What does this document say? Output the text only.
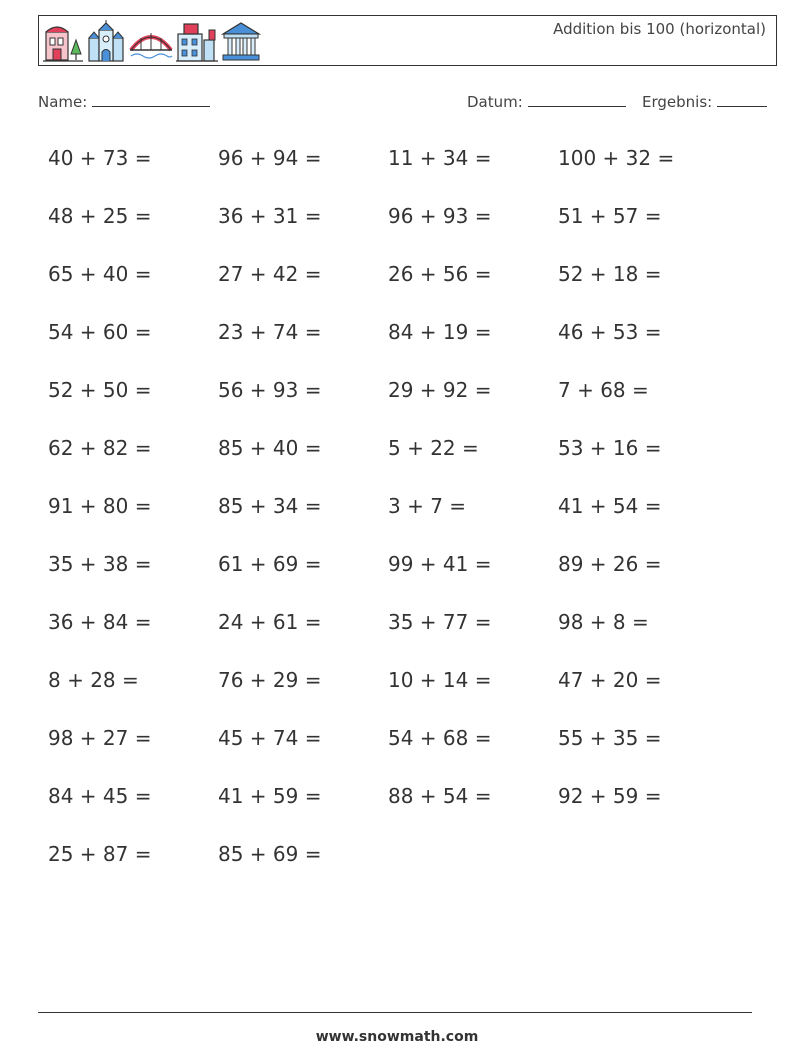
Addition bis 100 (horizontal)
Name:	Datum:	Ergebnis:
40 + 73 =	96 + 94 =	11 + 34 =	100 + 32 =
48 + 25 =	36 + 31 =	96 + 93 =	51 + 57 =
65 + 40 =	27 + 42 =	26 + 56 =	52 + 18 =
54 + 60 =	23 + 74 =	84 + 19 =	46 + 53 =
52 + 50 =	56 + 93 =	29 + 92 =	7 + 68 =
62 + 82 =	85 + 40 =	5 + 22 =	53 + 16 =
91 + 80 =	85 + 34 =	3 + 7 =	41 + 54 =
35 + 38 =	61 + 69 =	99 + 41 =	89 + 26 =
36 + 84 =	24 + 61 =	35 + 77 =	98 + 8 =
8 + 28 =	76 + 29 =	10 + 14 =	47 + 20 =
98 + 27 =	45 + 74 =	54 + 68 =	55 + 35 =
84 + 45 =	41 + 59 =	88 + 54 =	92 + 59 =
25 + 87 =	85 + 69 =
www.snowmath.com
